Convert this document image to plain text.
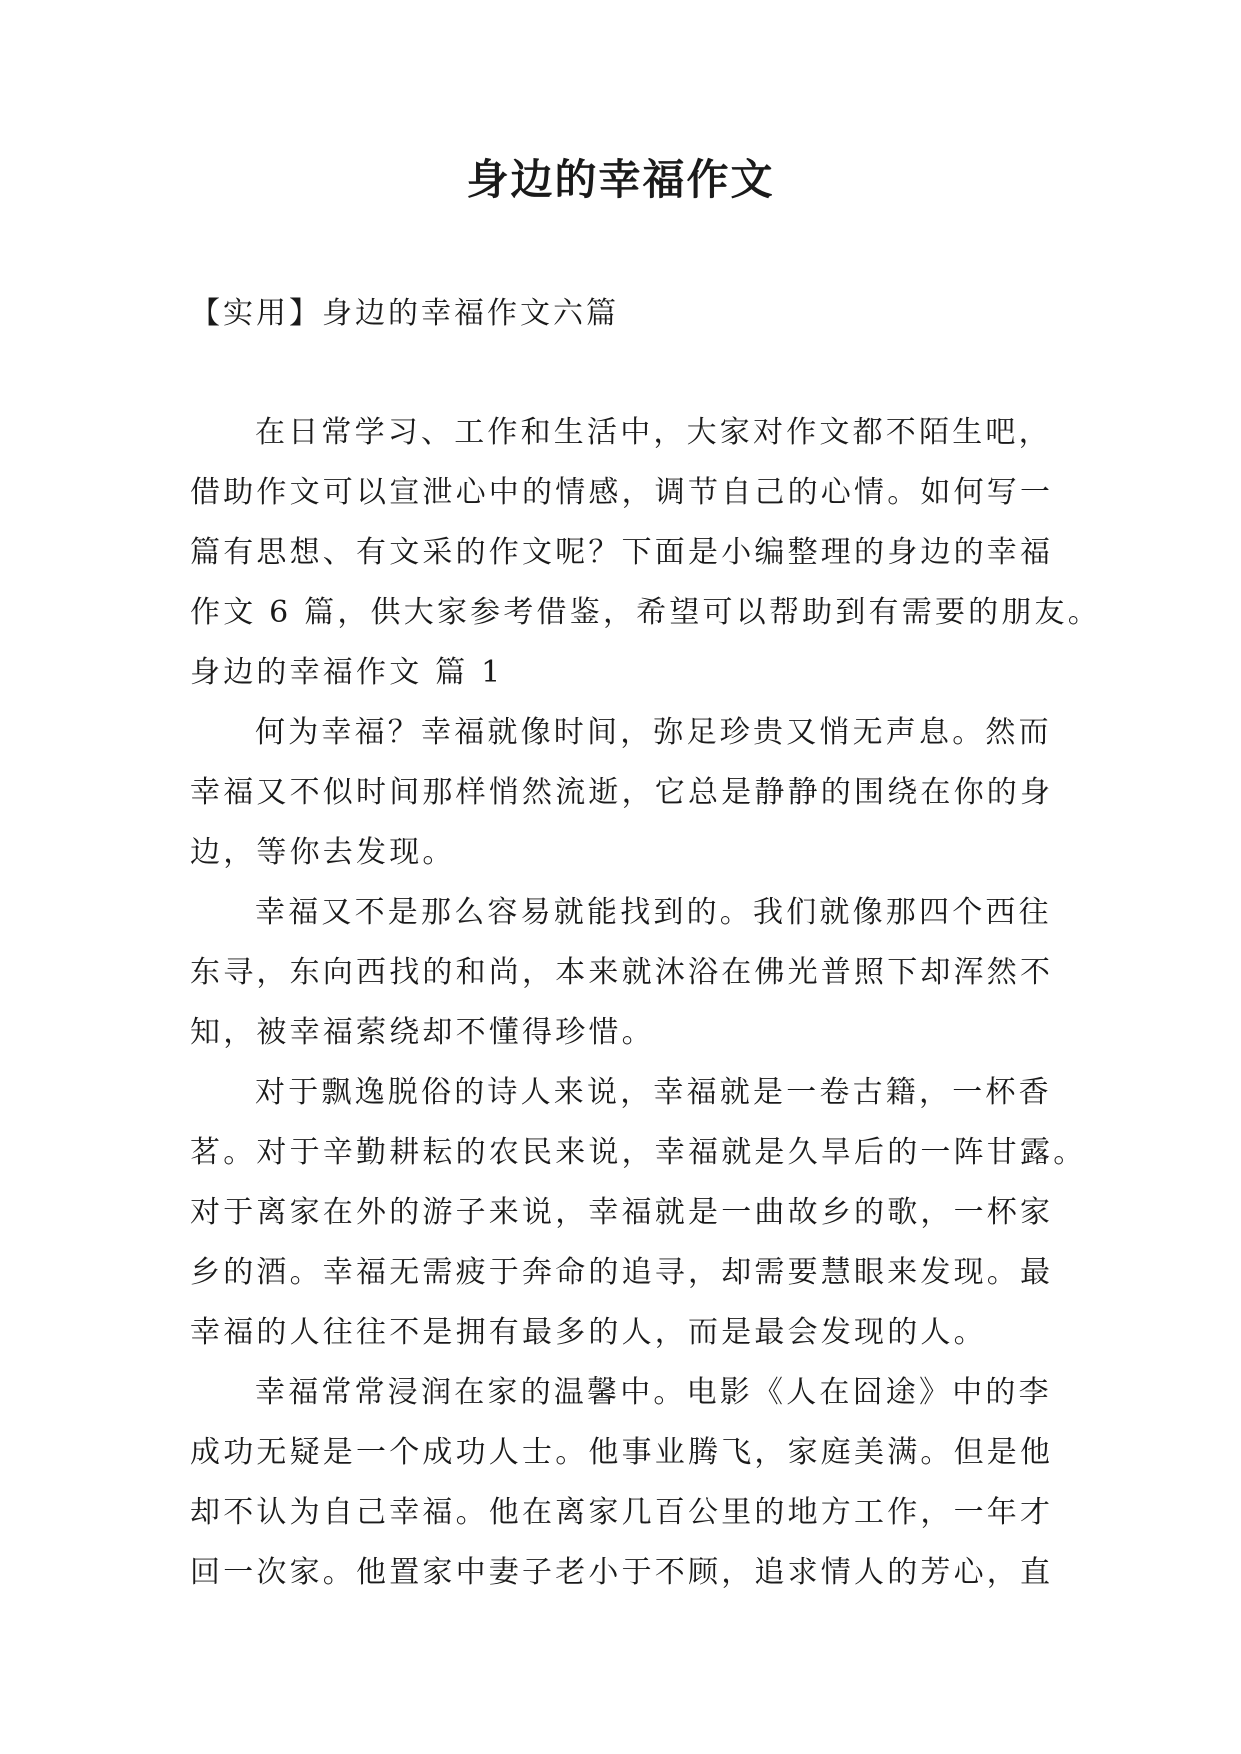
身边的幸福作文
【实用】身边的幸福作文六篇
在日常学习、工作和生活中，大家对作文都不陌生吧，
借助作文可以宣泄心中的情感，调节自己的心情。如何写一
篇有思想、有文采的作文呢？下面是小编整理的身边的幸福
作文 6 篇，供大家参考借鉴，希望可以帮助到有需要的朋友。
身边的幸福作文 篇 1
何为幸福？幸福就像时间，弥足珍贵又悄无声息。然而
幸福又不似时间那样悄然流逝，它总是静静的围绕在你的身
边，等你去发现。
幸福又不是那么容易就能找到的。我们就像那四个西往
东寻，东向西找的和尚，本来就沐浴在佛光普照下却浑然不
知，被幸福萦绕却不懂得珍惜。
对于飘逸脱俗的诗人来说，幸福就是一卷古籍，一杯香
茗。对于辛勤耕耘的农民来说，幸福就是久旱后的一阵甘露。
对于离家在外的游子来说，幸福就是一曲故乡的歌，一杯家
乡的酒。幸福无需疲于奔命的追寻，却需要慧眼来发现。最
幸福的人往往不是拥有最多的人，而是最会发现的人。
幸福常常浸润在家的温馨中。电影《人在囧途》中的李
成功无疑是一个成功人士。他事业腾飞，家庭美满。但是他
却不认为自己幸福。他在离家几百公里的地方工作，一年才
回一次家。他置家中妻子老小于不顾，追求情人的芳心，直
